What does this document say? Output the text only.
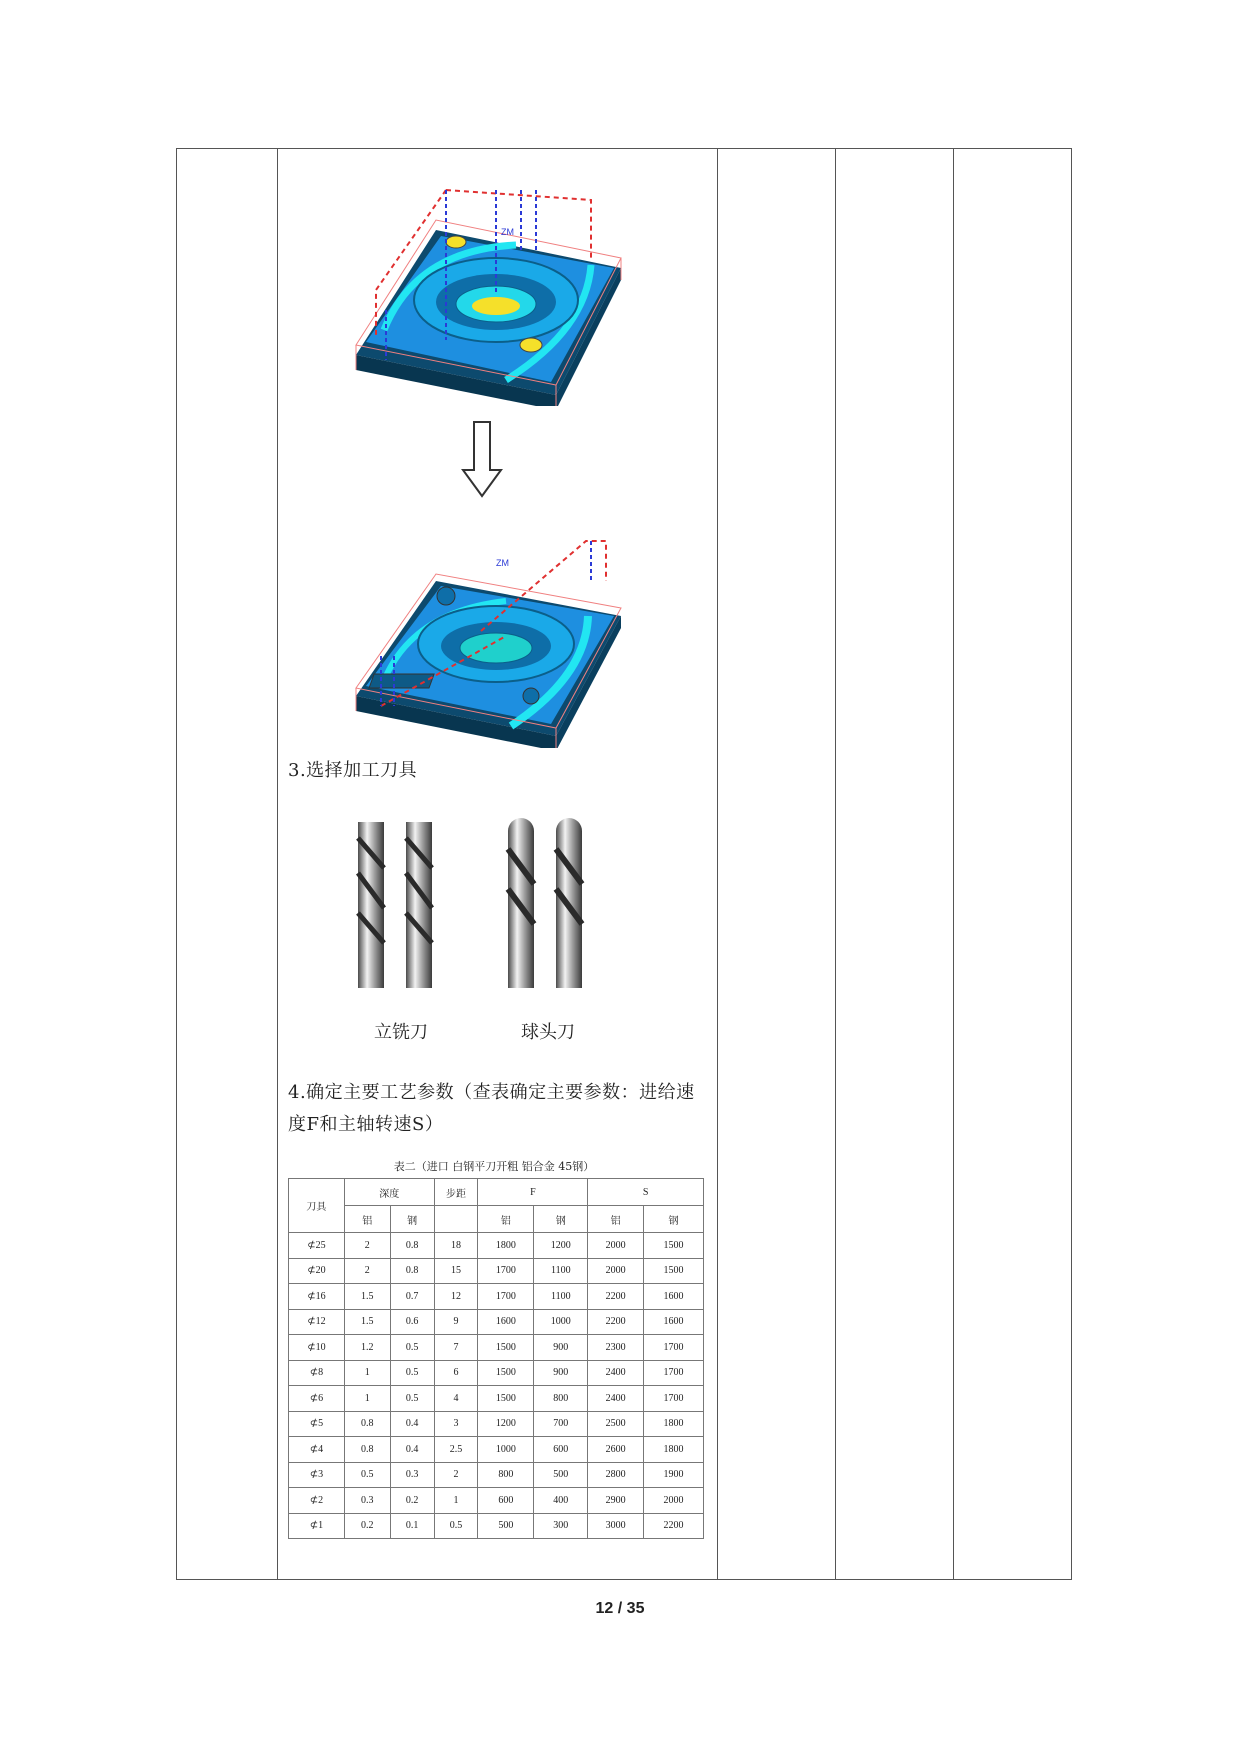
ZM
ZM
3.选择加工刀具
立铣刀	球头刀
4.确定主要工艺参数（查表确定主要参数：进给速
度F和主轴转速S）
表二（进口 白钢平刀开粗 铝合金 45钢）
刀具	深度		步距	F		S	
	铝	钢		铝	钢	铝	钢
⊄25	2	0.8	18	1800	1200	2000	1500
⊄20	2	0.8	15	1700	1100	2000	1500
⊄16	1.5	0.7	12	1700	1100	2200	1600
⊄12	1.5	0.6	9	1600	1000	2200	1600
⊄10	1.2	0.5	7	1500	900	2300	1700
⊄8	1	0.5	6	1500	900	2400	1700
⊄6	1	0.5	4	1500	800	2400	1700
⊄5	0.8	0.4	3	1200	700	2500	1800
⊄4	0.8	0.4	2.5	1000	600	2600	1800
⊄3	0.5	0.3	2	800	500	2800	1900
⊄2	0.3	0.2	1	600	400	2900	2000
⊄1	0.2	0.1	0.5	500	300	3000	2200
12 / 35
